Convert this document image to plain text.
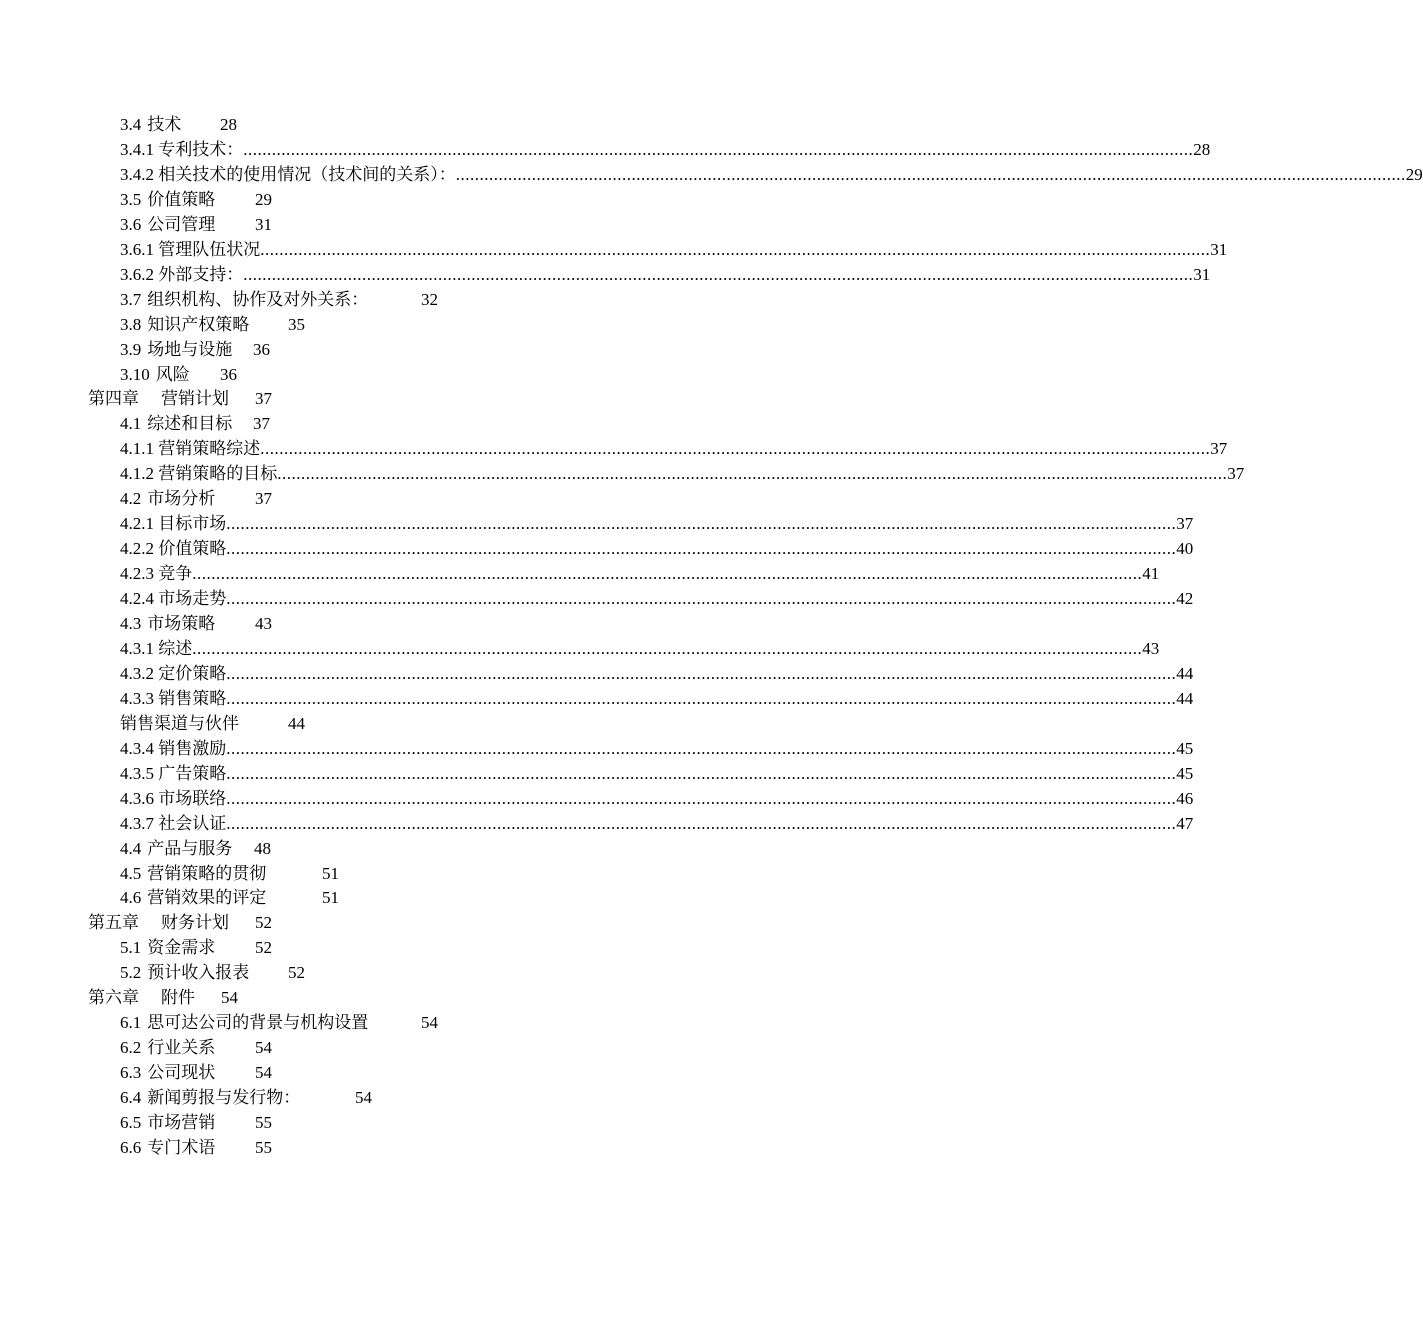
3.4 技术 28
3.4.1 专利技术： ........................................................................................................................................................................................................ 28
3.4.2 相关技术的使用情况（技术间的关系）： ........................................................................................................................................................................................................ 29
3.5 价值策略 29
3.6 公司管理 31
3.6.1 管理队伍状况 ........................................................................................................................................................................................................ 31
3.6.2 外部支持： ........................................................................................................................................................................................................ 31
3.7 组织机构、协作及对外关系：	32
3.8 知识产权策略 35
3.9 场地与设施 36
3.10 风险 36
第四章 营销计划 37
4.1 综述和目标 37
4.1.1 营销策略综述 ........................................................................................................................................................................................................ 37
4.1.2 营销策略的目标 ........................................................................................................................................................................................................ 37
4.2 市场分析 37
4.2.1 目标市场 ........................................................................................................................................................................................................ 37
4.2.2 价值策略 ........................................................................................................................................................................................................ 40
4.2.3 竞争 ........................................................................................................................................................................................................ 41
4.2.4 市场走势 ........................................................................................................................................................................................................ 42
4.3 市场策略 43
4.3.1 综述 ........................................................................................................................................................................................................ 43
4.3.2 定价策略 ........................................................................................................................................................................................................ 44
4.3.3 销售策略 ........................................................................................................................................................................................................ 44
销售渠道与伙伴	44
4.3.4 销售激励 ........................................................................................................................................................................................................ 45
4.3.5 广告策略 ........................................................................................................................................................................................................ 45
4.3.6 市场联络 ........................................................................................................................................................................................................ 46
4.3.7 社会认证 ........................................................................................................................................................................................................ 47
4.4 产品与服务 48
4.5 营销策略的贯彻	51
4.6 营销效果的评定	51
第五章 财务计划 52
5.1 资金需求 52
5.2 预计收入报表 52
第六章 附件 54
6.1 思可达公司的背景与机构设置	54
6.2 行业关系 54
6.3 公司现状 54
6.4 新闻剪报与发行物：	54
6.5 市场营销 55
6.6 专门术语 55
